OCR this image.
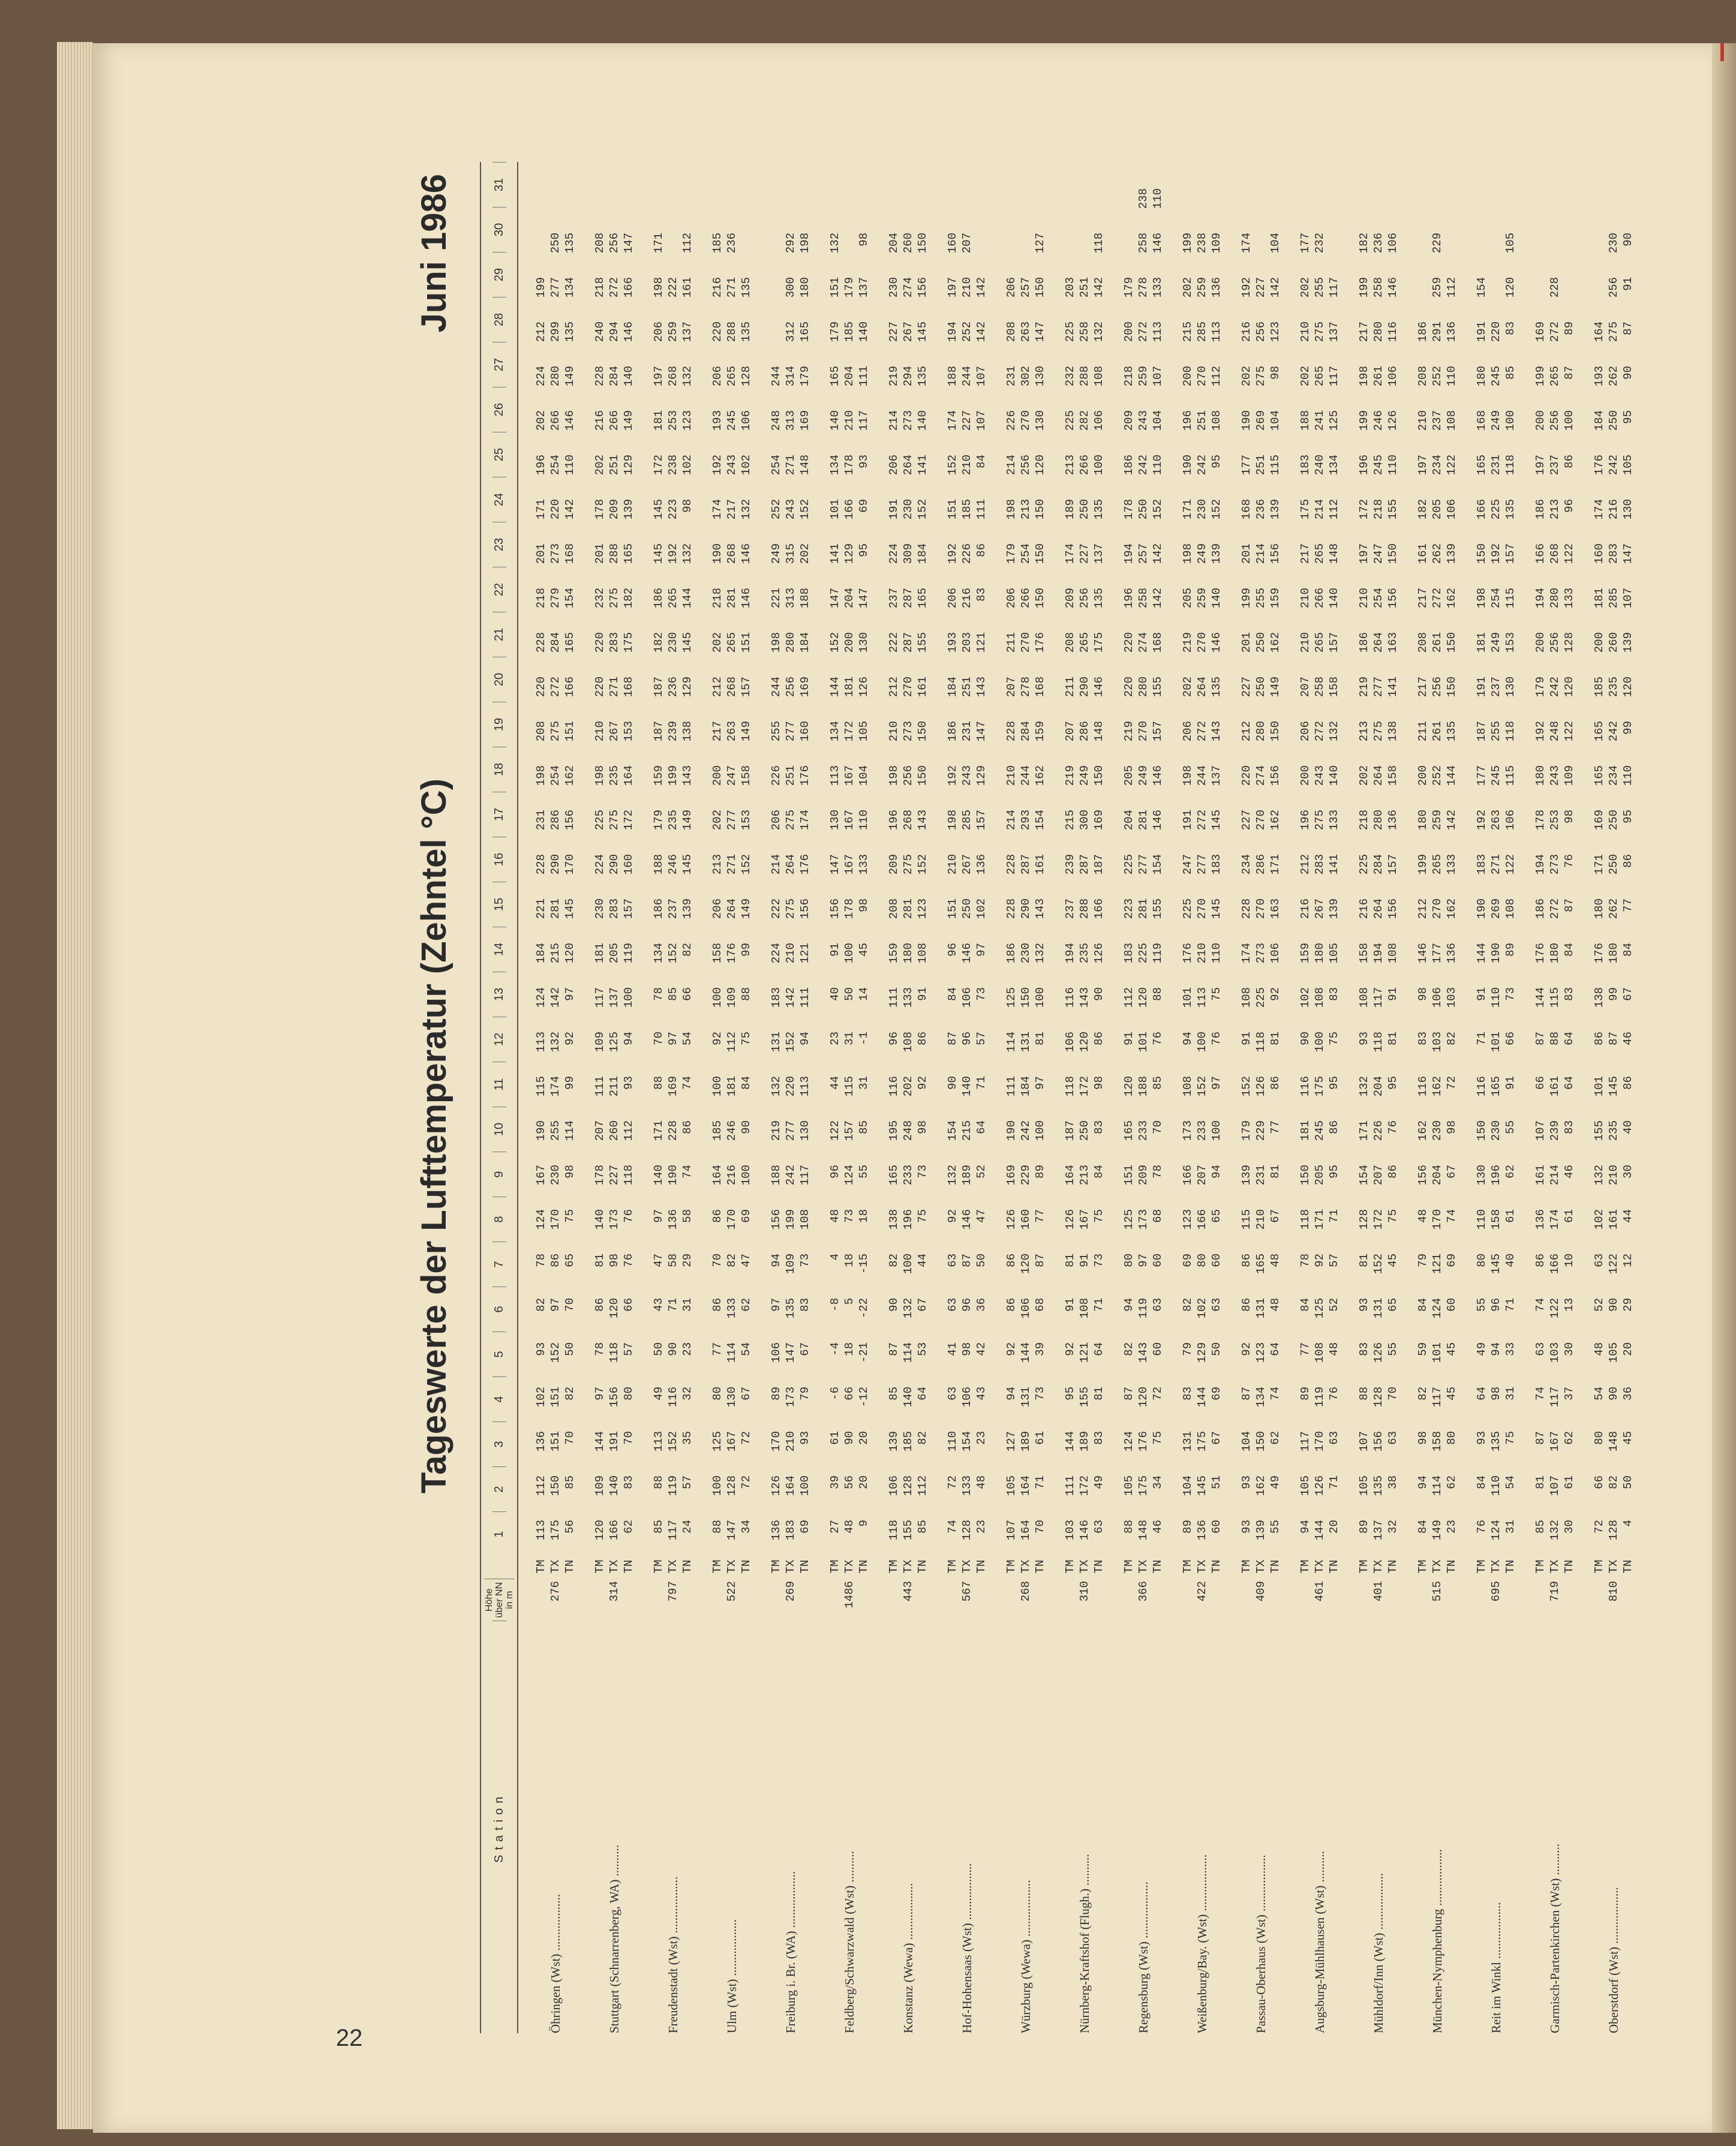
22
Tageswerte der Lufttemperatur (Zehntel °C)
Juni 1986
Station
Höhe über NN in m
1
2
3
4
5
6
7
8
9
10
11
12
13
14
15
16
17
18
19
20
21
22
23
24
25
26
27
28
29
30
31
TM
113
112
136
102
93
82
78
124
167
190
115
113
124
184
221
228
231
198
208
220
228
218
201
171
196
202
224
212
199
Öhringen (Wst) ..................
276
TX
175
150
151
151
152
97
86
170
230
255
174
132
142
215
281
290
286
254
275
272
284
279
273
220
254
266
280
299
277
250
TN
56
85
70
82
50
70
65
75
98
114
99
92
97
120
145
170
156
162
151
166
165
154
168
142
110
146
149
135
134
135
TM
120
109
144
97
78
86
81
140
178
207
111
109
117
181
230
224
225
198
210
220
220
232
201
178
202
216
228
240
218
208
Stuttgart (Schnarrenberg, WA) ..........
314
TX
166
140
191
156
118
120
98
173
227
260
211
125
137
205
283
290
275
235
267
271
283
275
288
209
251
266
284
294
272
256
TN
62
83
70
80
57
66
76
76
118
112
93
94
100
119
157
160
172
164
153
168
175
182
165
139
129
149
140
146
166
147
TM
85
88
113
49
50
43
47
97
140
171
88
70
78
134
186
188
179
159
187
187
182
186
145
145
172
181
197
206
198
171
Freudenstadt (Wst) ..................
797
TX
117
119
152
116
90
71
58
136
190
228
169
97
85
152
237
246
235
199
239
236
230
265
192
223
238
253
268
259
222
TN
24
57
35
32
23
31
29
58
74
86
74
54
66
82
139
145
149
143
138
129
145
144
132
98
102
123
132
137
161
112
TM
88
100
125
80
77
86
70
86
164
185
100
92
100
158
206
213
202
200
217
212
202
218
190
174
192
193
206
220
216
185
Ulm (Wst) ..................
522
TX
147
128
167
130
114
133
82
170
216
246
181
112
109
176
264
271
277
247
263
268
265
281
268
217
243
245
265
288
271
236
TN
34
72
72
67
54
62
47
69
100
90
84
75
88
99
149
152
153
158
149
157
151
146
146
132
102
106
128
135
135
TM
136
126
170
89
106
97
94
156
188
219
132
131
183
224
222
214
206
226
255
244
198
221
249
252
254
248
244
Freiburg i. Br. (WA) ..................
269
TX
183
164
210
173
147
135
109
199
242
277
220
152
142
210
275
264
275
251
277
256
280
313
315
243
271
313
314
312
300
292
TN
69
100
93
79
67
83
73
108
117
130
113
94
111
121
156
176
174
176
160
169
184
188
202
152
148
169
179
165
180
198
TM
27
39
61
-6
-4
-8
4
48
96
122
44
23
40
91
156
147
130
113
134
144
152
147
141
101
134
140
165
179
151
132
Feldberg/Schwarzwald (Wst) ..........
1486
TX
48
56
90
66
18
5
18
73
124
157
115
31
50
100
178
167
167
167
172
181
200
204
129
166
178
210
204
185
179
TN
9
20
20
-12
-21
-22
-15
18
55
85
31
-1
14
45
98
133
110
104
105
126
130
147
95
69
93
117
111
140
137
98
TM
118
106
139
85
87
90
82
138
165
195
116
96
111
159
208
209
196
198
210
212
222
237
224
191
206
214
219
227
230
204
Konstanz (Wewa) ..................
443
TX
155
128
185
140
114
132
100
196
233
248
202
108
133
180
281
275
268
256
273
270
287
287
309
230
264
273
294
267
274
260
TN
85
112
82
64
53
67
44
75
73
98
92
86
91
108
123
152
143
150
150
161
155
165
184
152
141
140
135
145
156
150
TM
74
72
110
63
41
63
63
92
132
154
90
87
84
96
151
210
198
192
186
184
193
206
192
151
152
174
188
194
197
160
Hof-Hohensaas (Wst) ..................
567
TX
128
133
154
106
98
96
87
146
189
215
140
96
106
146
250
267
285
243
231
251
203
216
226
185
210
227
244
252
210
207
TN
23
48
23
43
42
36
50
47
52
64
71
57
73
97
102
136
157
129
147
143
121
83
86
111
84
107
107
142
142
TM
107
105
127
94
92
86
86
126
169
190
111
114
125
186
228
228
214
210
228
207
211
206
179
198
214
226
231
208
206
Würzburg (Wewa) ..................
268
TX
164
164
189
131
144
106
120
160
229
242
184
131
150
230
290
287
293
244
284
278
270
266
254
213
256
270
302
263
257
TN
70
71
61
73
39
68
87
77
89
100
97
81
100
132
143
161
154
162
159
168
176
150
150
150
120
130
130
147
150
127
TM
103
111
144
95
92
91
81
126
164
187
118
106
116
194
237
239
215
219
207
211
208
209
174
189
213
225
232
225
203
Nürnberg-Kraftshof (Flugh.) ..........
310
TX
146
172
189
155
121
108
91
167
213
250
172
120
143
235
288
287
300
249
286
290
265
256
227
250
266
282
288
258
251
TN
63
49
83
81
64
71
73
75
84
83
98
86
90
126
166
187
169
150
148
146
175
135
137
135
100
106
108
132
142
118
TM
88
105
124
87
82
94
80
125
151
165
120
91
112
183
223
225
204
205
219
220
220
196
194
178
186
209
218
200
179
Regensburg (Wst) ..................
366
TX
148
175
176
120
143
119
97
173
209
233
188
101
120
225
281
277
281
249
270
280
274
258
257
250
242
243
259
272
278
258
238
TN
46
34
75
72
60
63
60
68
78
70
85
76
88
119
155
154
146
146
157
155
168
142
142
152
110
104
107
113
133
146
110
TM
89
104
131
83
79
82
69
123
166
173
108
94
101
176
225
247
191
198
206
202
219
205
198
171
190
196
200
215
202
199
Weißenburg/Bay. (Wst) ..................
422
TX
136
145
175
144
129
102
80
166
207
233
152
100
113
210
270
277
272
244
272
264
270
259
249
230
242
251
270
285
259
238
TN
60
51
67
69
50
63
60
65
94
100
97
76
75
110
145
183
145
137
143
135
146
140
139
152
95
108
112
113
136
109
TM
93
93
104
87
92
86
86
115
139
179
152
91
108
174
228
234
227
220
212
227
201
199
201
168
177
190
202
216
192
174
Passau-Oberhaus (Wst) ..................
409
TX
139
162
150
134
123
131
165
210
231
229
126
118
225
273
270
286
270
274
280
250
250
255
214
236
251
269
275
256
227
TN
55
49
62
74
64
48
48
67
81
77
86
81
92
106
163
171
162
156
150
149
162
159
156
139
115
104
98
123
142
104
TM
94
105
117
89
77
84
78
118
150
181
116
90
102
159
216
212
196
200
206
207
210
210
217
175
183
188
202
210
202
177
Augsburg-Mühlhausen (Wst) ..........
461
TX
144
126
170
119
108
125
92
171
205
245
175
100
108
180
267
283
275
243
272
258
265
266
265
214
240
241
265
275
255
232
TN
20
71
63
76
48
52
57
71
95
86
95
75
83
105
139
141
133
140
132
158
157
140
148
112
134
125
117
137
117
TM
89
105
107
88
83
93
81
128
154
171
132
93
108
158
216
225
218
202
213
219
186
210
197
172
196
199
198
217
199
182
Mühldorf/Inn (Wst) ..................
401
TX
137
135
156
128
126
131
152
172
207
226
204
118
117
194
264
284
280
264
275
277
264
254
247
218
245
246
261
280
258
236
TN
32
38
63
70
55
65
45
75
86
76
95
81
91
108
156
157
136
158
138
141
163
156
150
155
110
126
106
116
146
106
TM
84
94
98
82
59
84
79
48
156
162
116
83
98
146
212
199
180
200
211
217
208
217
161
182
197
210
208
186
München-Nymphenburg ..................
515
TX
149
114
158
117
101
124
121
170
204
230
162
103
106
177
270
265
259
252
261
256
261
272
262
205
234
237
252
291
259
229
TN
23
62
80
45
45
60
69
74
67
98
72
82
103
136
162
133
142
144
135
150
150
162
139
106
122
108
110
136
112
TM
76
84
93
64
49
55
80
110
130
150
116
71
91
144
190
183
192
177
187
191
181
198
150
166
165
168
180
191
154
Reit im Winkl ..................
695
TX
124
110
135
98
94
96
145
158
196
230
165
101
110
190
269
271
263
245
255
237
249
254
192
225
231
249
245
220
TN
31
54
75
31
33
71
40
61
62
55
91
66
73
89
108
122
106
115
118
130
153
115
157
135
118
100
85
83
120
105
TM
85
81
87
74
63
74
86
136
161
107
66
87
144
176
186
194
178
180
192
179
200
194
166
186
197
200
199
169
Garmisch-Partenkirchen (Wst) ..........
719
TX
132
107
167
117
103
122
166
174
214
239
161
88
115
180
272
273
253
243
248
242
256
280
268
213
237
256
265
272
228
TN
30
61
62
37
30
13
10
61
46
83
64
64
83
84
87
76
98
109
122
120
128
133
122
96
86
100
87
89
TM
72
66
80
54
48
52
63
102
132
155
101
86
138
176
180
171
169
165
165
185
200
181
160
174
176
184
193
164
Oberstdorf (Wst) ..................
810
TX
128
82
148
90
105
90
122
161
210
235
145
87
99
180
262
250
250
234
242
235
260
285
283
216
242
250
262
275
256
230
TN
4
50
45
36
20
29
12
44
30
40
86
46
67
84
77
86
95
110
99
120
139
107
147
130
105
95
90
87
91
90
